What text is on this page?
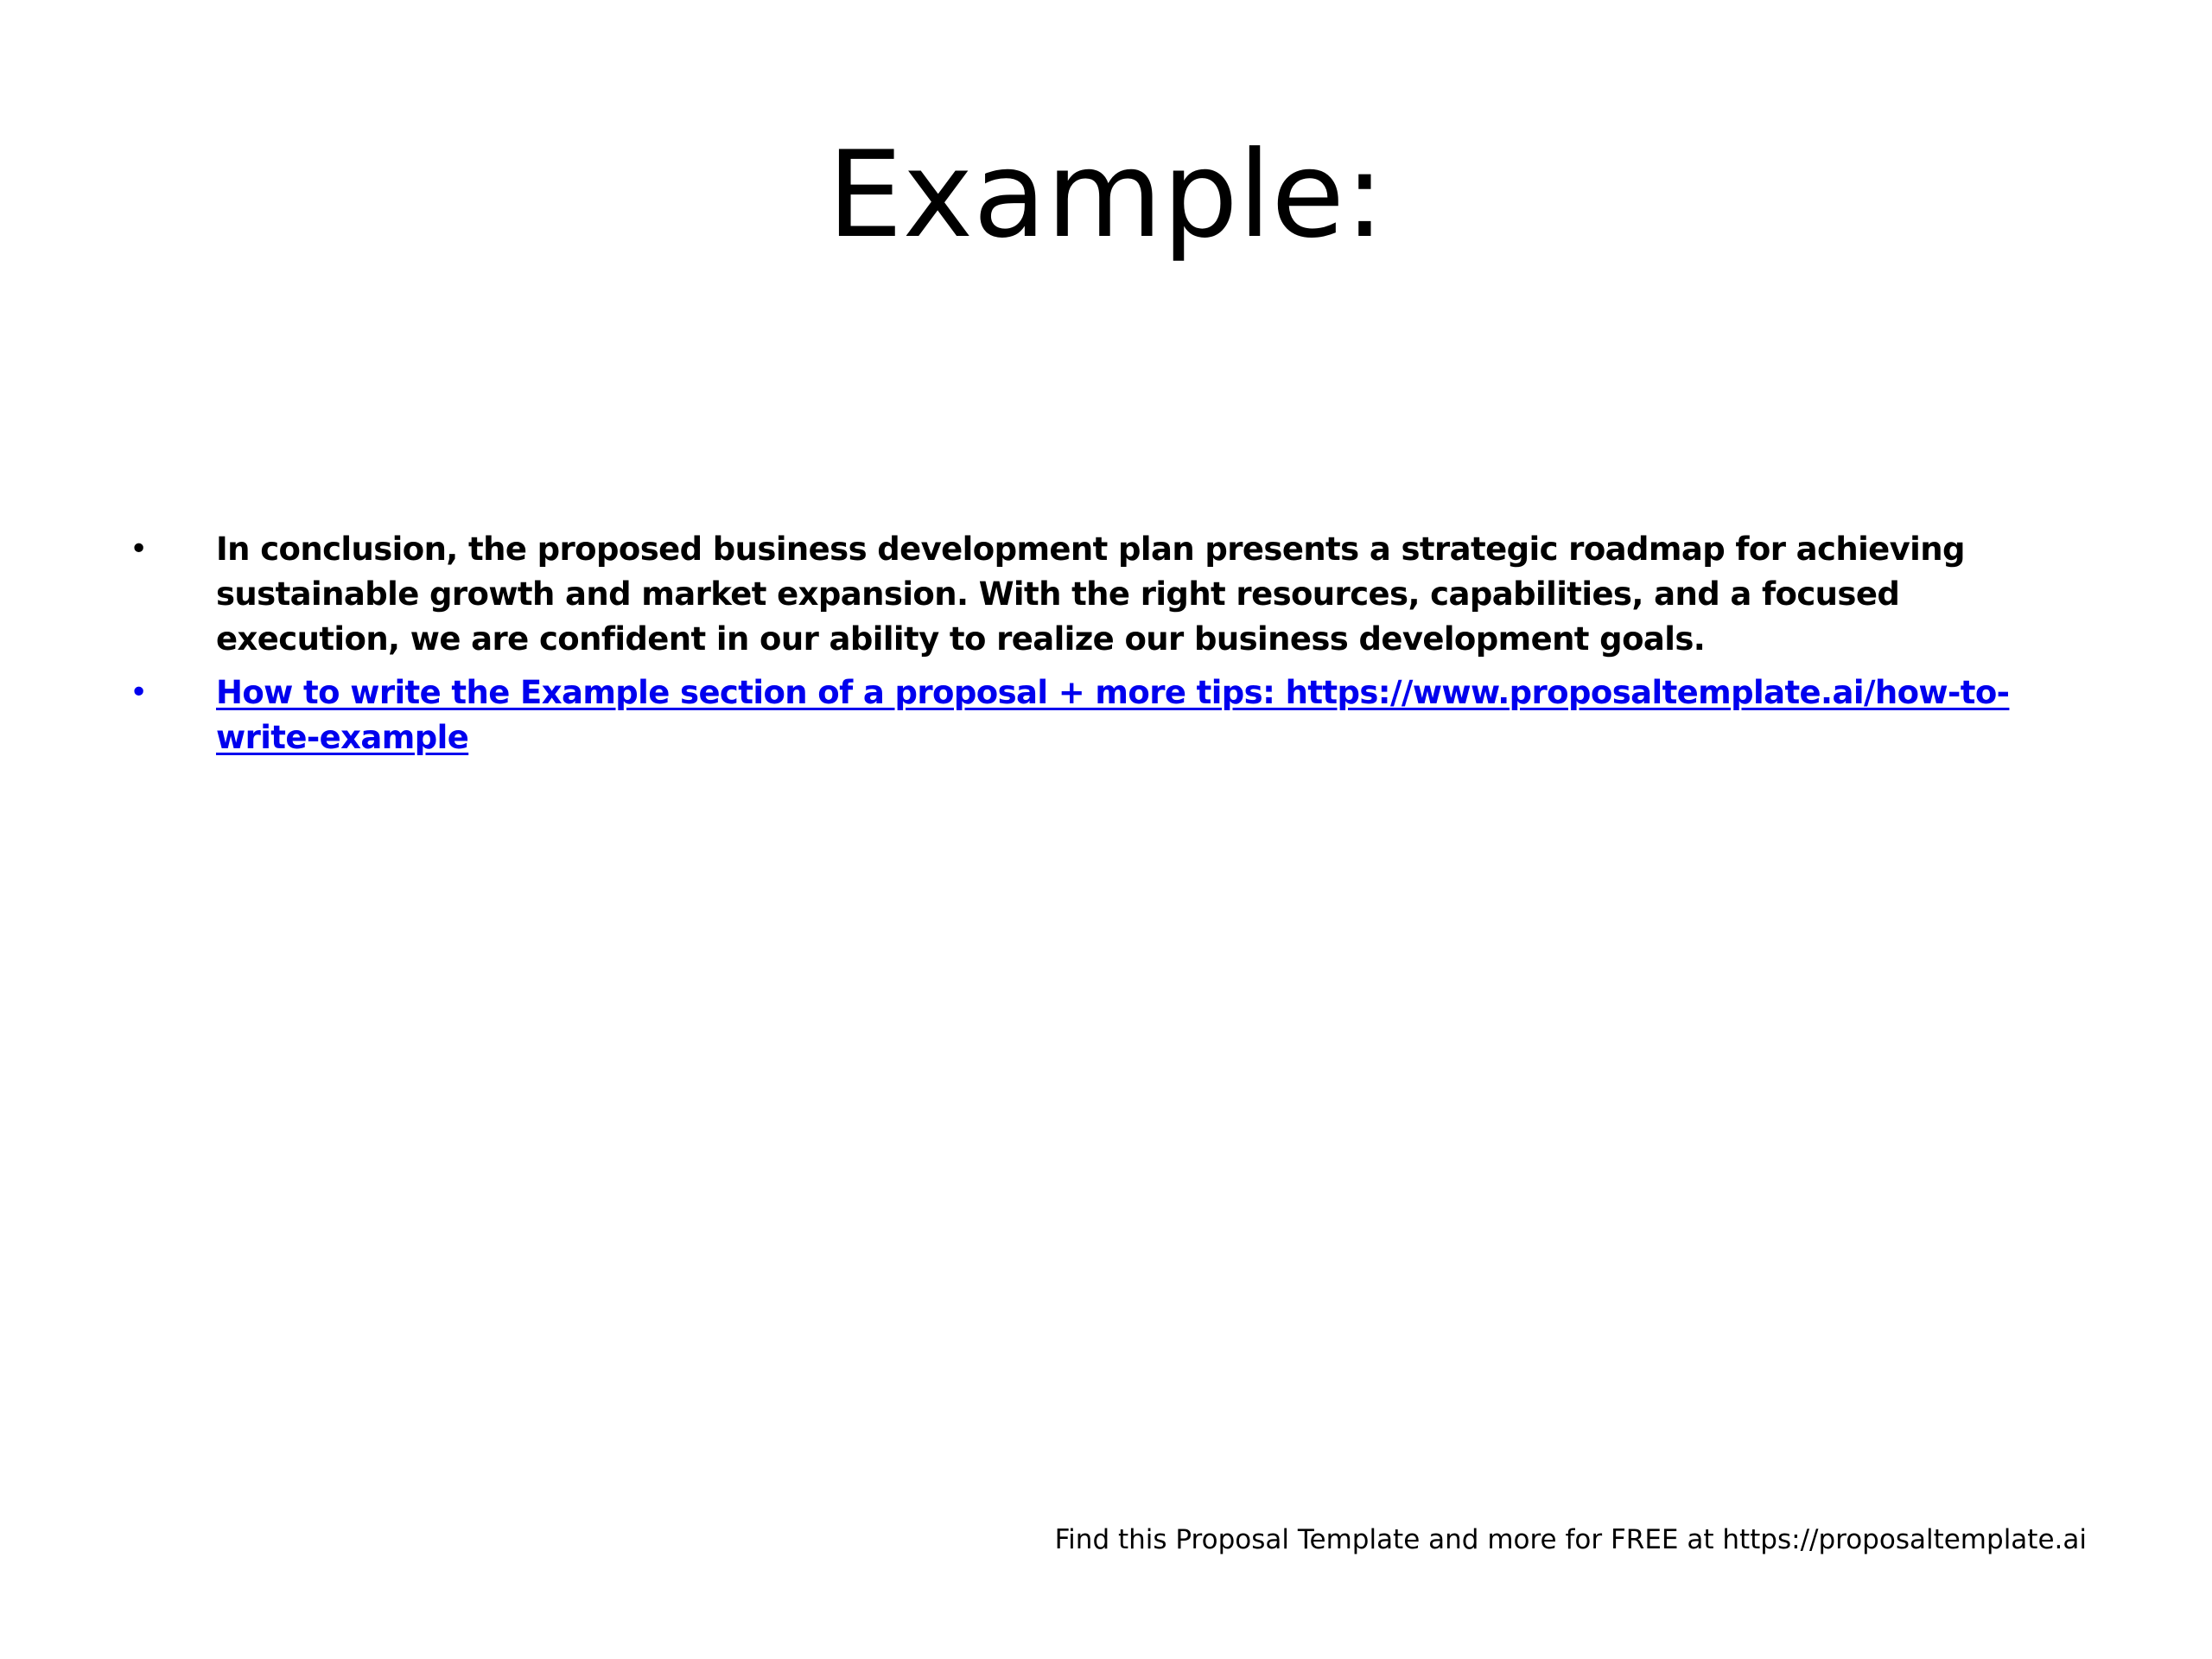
Example:
• In conclusion, the proposed business development plan presents a strategic roadmap for achieving sustainable growth and market expansion. With the right resources, capabilities, and a focused execution, we are confident in our ability to realize our business development goals.
• How to write the Example section of a proposal + more tips: https://www.proposaltemplate.ai/how-to-write-example
Find this Proposal Template and more for FREE at https://proposaltemplate.ai
